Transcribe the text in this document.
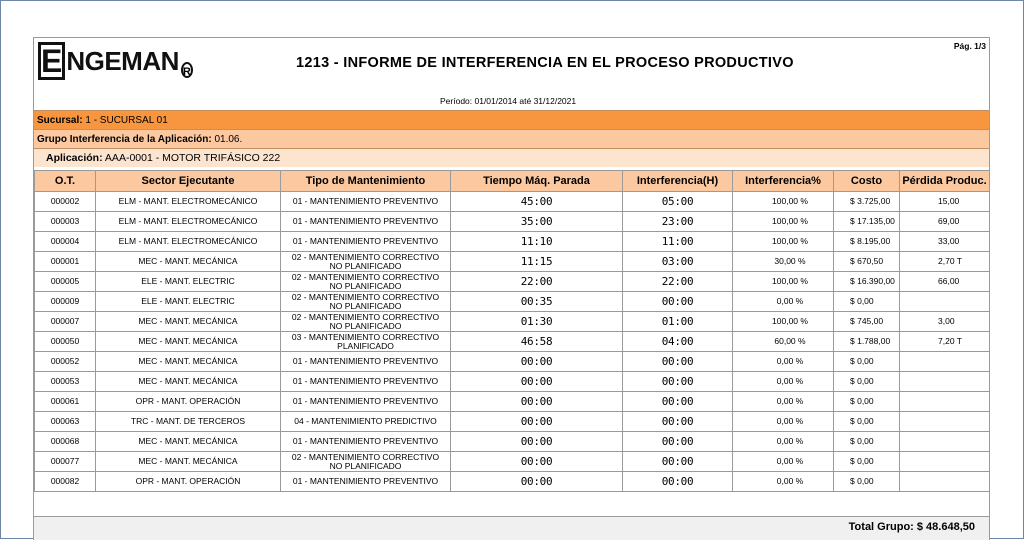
E NGEMAN R
1213 - INFORME DE INTERFERENCIA EN EL PROCESO PRODUCTIVO
Pág. 1/3
Período: 01/01/2014 até 31/12/2021
Sucursal: 1 - SUCURSAL 01
Grupo Interferencia de la Aplicación: 01.06.
Aplicación: AAA-0001 - MOTOR TRIFÁSICO 222
O.T.	Sector Ejecutante	Tipo de Mantenimiento	Tiempo Máq. Parada	Interferencia(H)	Interferencia%	Costo	Pérdida Produc.
000002	ELM - MANT. ELECTROMECÁNICO	01 - MANTENIMIENTO PREVENTIVO	45:00	05:00	100,00 %	$ 3.725,00	15,00
000003	ELM - MANT. ELECTROMECÁNICO	01 - MANTENIMIENTO PREVENTIVO	35:00	23:00	100,00 %	$ 17.135,00	69,00
000004	ELM - MANT. ELECTROMECÁNICO	01 - MANTENIMIENTO PREVENTIVO	11:10	11:00	100,00 %	$ 8.195,00	33,00
000001	MEC - MANT. MECÁNICA	02 - MANTENIMIENTO CORRECTIVO NO PLANIFICADO	11:15	03:00	30,00 %	$ 670,50	2,70 T
000005	ELE - MANT. ELECTRIC	02 - MANTENIMIENTO CORRECTIVO NO PLANIFICADO	22:00	22:00	100,00 %	$ 16.390,00	66,00
000009	ELE - MANT. ELECTRIC	02 - MANTENIMIENTO CORRECTIVO NO PLANIFICADO	00:35	00:00	0,00 %	$ 0,00	
000007	MEC - MANT. MECÁNICA	02 - MANTENIMIENTO CORRECTIVO NO PLANIFICADO	01:30	01:00	100,00 %	$ 745,00	3,00
000050	MEC - MANT. MECÁNICA	03 - MANTENIMIENTO CORRECTIVO PLANIFICADO	46:58	04:00	60,00 %	$ 1.788,00	7,20 T
000052	MEC - MANT. MECÁNICA	01 - MANTENIMIENTO PREVENTIVO	00:00	00:00	0,00 %	$ 0,00	
000053	MEC - MANT. MECÁNICA	01 - MANTENIMIENTO PREVENTIVO	00:00	00:00	0,00 %	$ 0,00	
000061	OPR - MANT. OPERACIÓN	01 - MANTENIMIENTO PREVENTIVO	00:00	00:00	0,00 %	$ 0,00	
000063	TRC - MANT. DE TERCEROS	04 - MANTENIMIENTO PREDICTIVO	00:00	00:00	0,00 %	$ 0,00	
000068	MEC - MANT. MECÁNICA	01 - MANTENIMIENTO PREVENTIVO	00:00	00:00	0,00 %	$ 0,00	
000077	MEC - MANT. MECÁNICA	02 - MANTENIMIENTO CORRECTIVO NO PLANIFICADO	00:00	00:00	0,00 %	$ 0,00	
000082	OPR - MANT. OPERACIÓN	01 - MANTENIMIENTO PREVENTIVO	00:00	00:00	0,00 %	$ 0,00	
Total Grupo: $ 48.648,50
